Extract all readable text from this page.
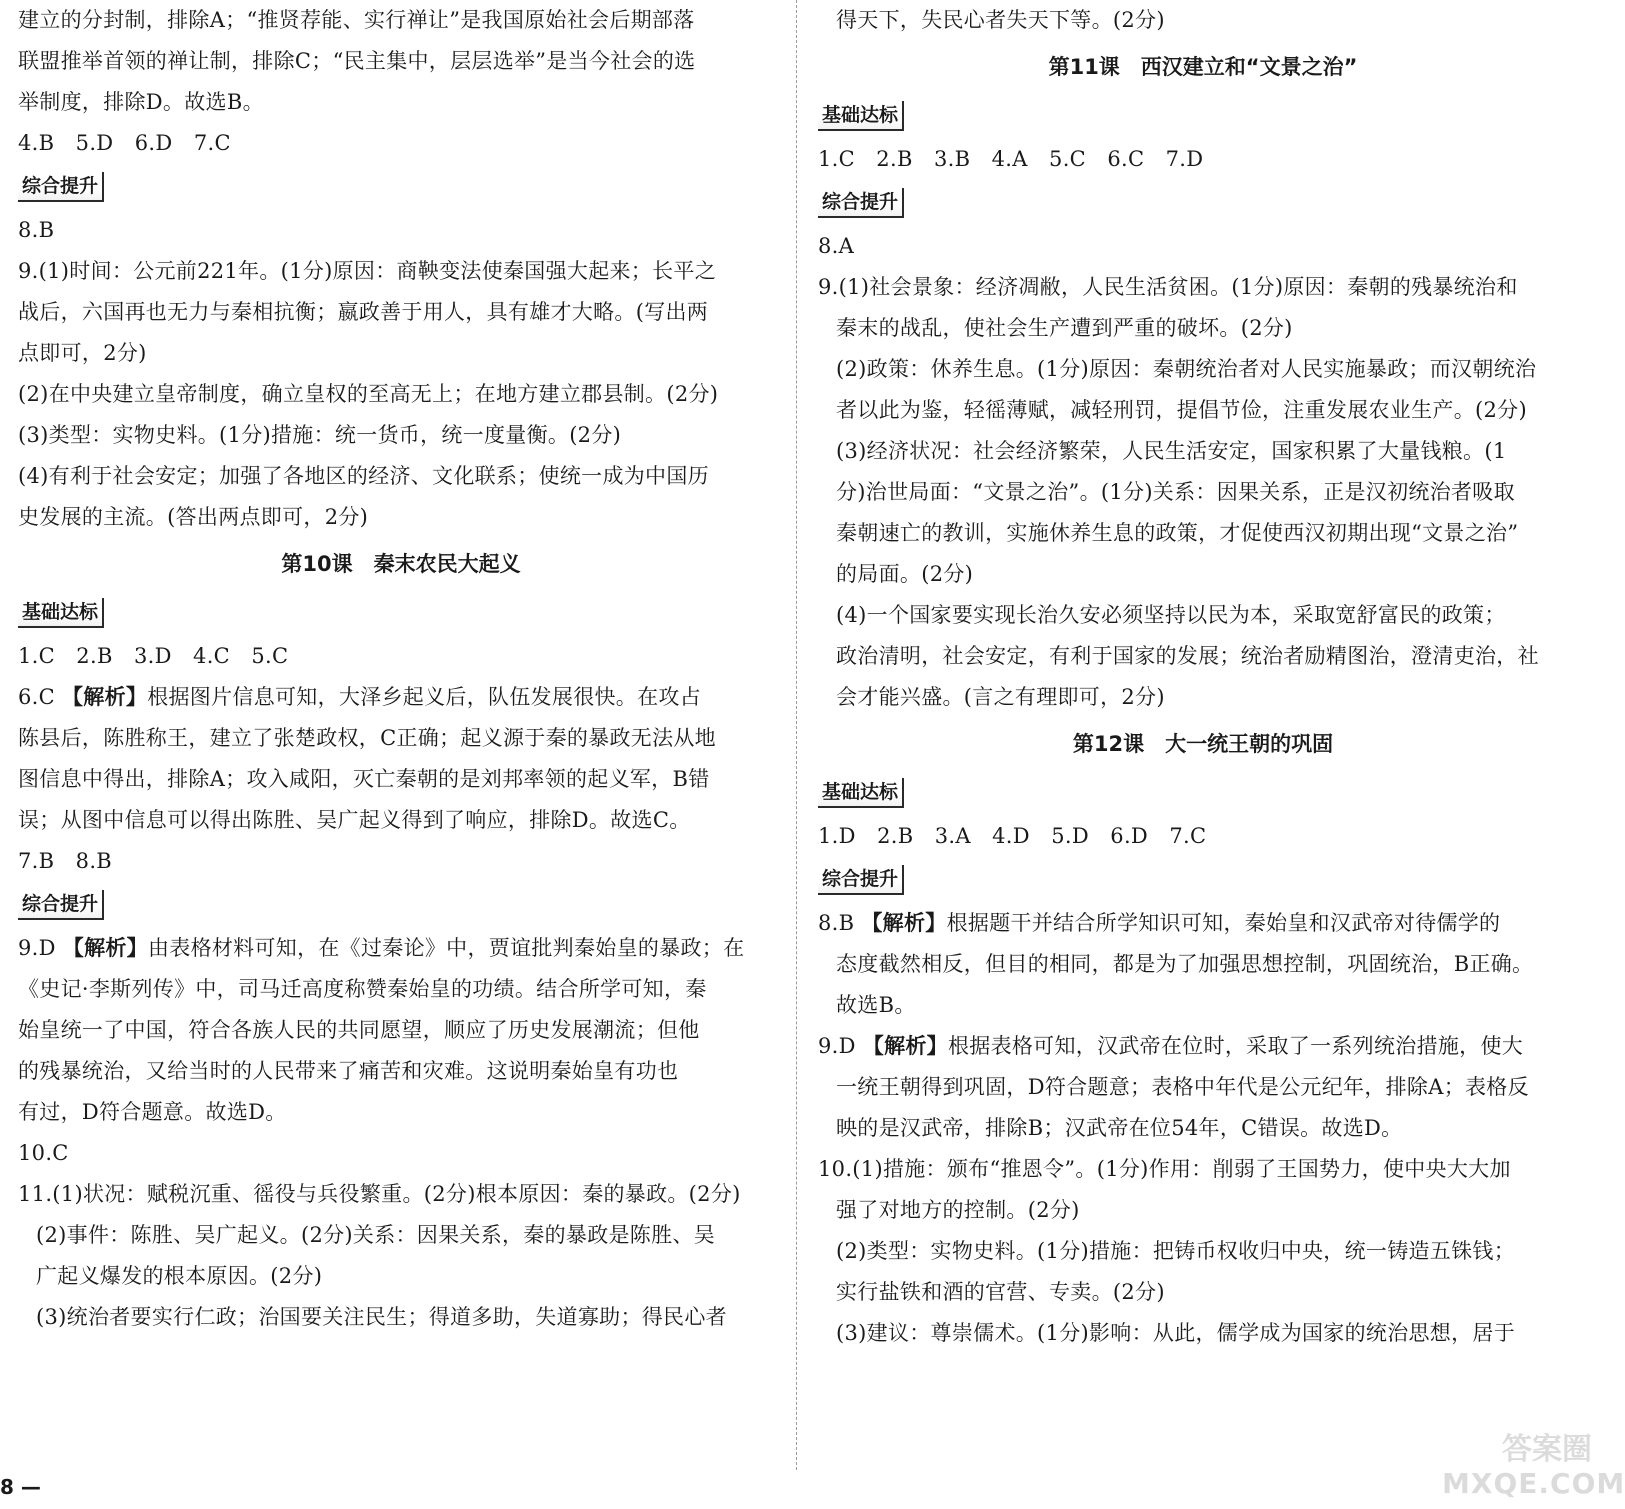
建立的分封制，排除A；“推贤荐能、实行禅让”是我国原始社会后期部落
联盟推举首领的禅让制，排除C；“民主集中，层层选举”是当今社会的选
举制度，排除D。故选B。
4.B　5.D　6.D　7.C
综合提升
8.B
9.(1)时间：公元前221年。(1分)原因：商鞅变法使秦国强大起来；长平之
战后，六国再也无力与秦相抗衡；嬴政善于用人，具有雄才大略。(写出两
点即可，2分)
(2)在中央建立皇帝制度，确立皇权的至高无上；在地方建立郡县制。(2分)
(3)类型：实物史料。(1分)措施：统一货币，统一度量衡。(2分)
(4)有利于社会安定；加强了各地区的经济、文化联系；使统一成为中国历
史发展的主流。(答出两点即可，2分)
第10课　秦末农民大起义
基础达标
1.C　2.B　3.D　4.C　5.C
6.C 【解析】根据图片信息可知，大泽乡起义后，队伍发展很快。在攻占
陈县后，陈胜称王，建立了张楚政权，C正确；起义源于秦的暴政无法从地
图信息中得出，排除A；攻入咸阳，灭亡秦朝的是刘邦率领的起义军，B错
误；从图中信息可以得出陈胜、吴广起义得到了响应，排除D。故选C。
7.B　8.B
综合提升
9.D 【解析】由表格材料可知，在《过秦论》中，贾谊批判秦始皇的暴政；在
《史记·李斯列传》中，司马迁高度称赞秦始皇的功绩。结合所学可知，秦
始皇统一了中国，符合各族人民的共同愿望，顺应了历史发展潮流；但他
的残暴统治，又给当时的人民带来了痛苦和灾难。这说明秦始皇有功也
有过，D符合题意。故选D。
10.C
11.(1)状况：赋税沉重、徭役与兵役繁重。(2分)根本原因：秦的暴政。(2分)
(2)事件：陈胜、吴广起义。(2分)关系：因果关系，秦的暴政是陈胜、吴
广起义爆发的根本原因。(2分)
(3)统治者要实行仁政；治国要关注民生；得道多助，失道寡助；得民心者
得天下，失民心者失天下等。(2分)
第11课　西汉建立和“文景之治”
基础达标
1.C　2.B　3.B　4.A　5.C　6.C　7.D
综合提升
8.A
9.(1)社会景象：经济凋敝，人民生活贫困。(1分)原因：秦朝的残暴统治和
秦末的战乱，使社会生产遭到严重的破坏。(2分)
(2)政策：休养生息。(1分)原因：秦朝统治者对人民实施暴政；而汉朝统治
者以此为鉴，轻徭薄赋，减轻刑罚，提倡节俭，注重发展农业生产。(2分)
(3)经济状况：社会经济繁荣，人民生活安定，国家积累了大量钱粮。(1
分)治世局面：“文景之治”。(1分)关系：因果关系，正是汉初统治者吸取
秦朝速亡的教训，实施休养生息的政策，才促使西汉初期出现“文景之治”
的局面。(2分)
(4)一个国家要实现长治久安必须坚持以民为本，采取宽舒富民的政策；
政治清明，社会安定，有利于国家的发展；统治者励精图治，澄清吏治，社
会才能兴盛。(言之有理即可，2分)
第12课　大一统王朝的巩固
基础达标
1.D　2.B　3.A　4.D　5.D　6.D　7.C
综合提升
8.B 【解析】根据题干并结合所学知识可知，秦始皇和汉武帝对待儒学的
态度截然相反，但目的相同，都是为了加强思想控制，巩固统治，B正确。
故选B。
9.D 【解析】根据表格可知，汉武帝在位时，采取了一系列统治措施，使大
一统王朝得到巩固，D符合题意；表格中年代是公元纪年，排除A；表格反
映的是汉武帝，排除B；汉武帝在位54年，C错误。故选D。
10.(1)措施：颁布“推恩令”。(1分)作用：削弱了王国势力，使中央大大加
强了对地方的控制。(2分)
(2)类型：实物史料。(1分)措施：把铸币权收归中央，统一铸造五铢钱；
实行盐铁和酒的官营、专卖。(2分)
(3)建议：尊崇儒术。(1分)影响：从此，儒学成为国家的统治思想，居于
8 —
答案圈
MXQE.COM
